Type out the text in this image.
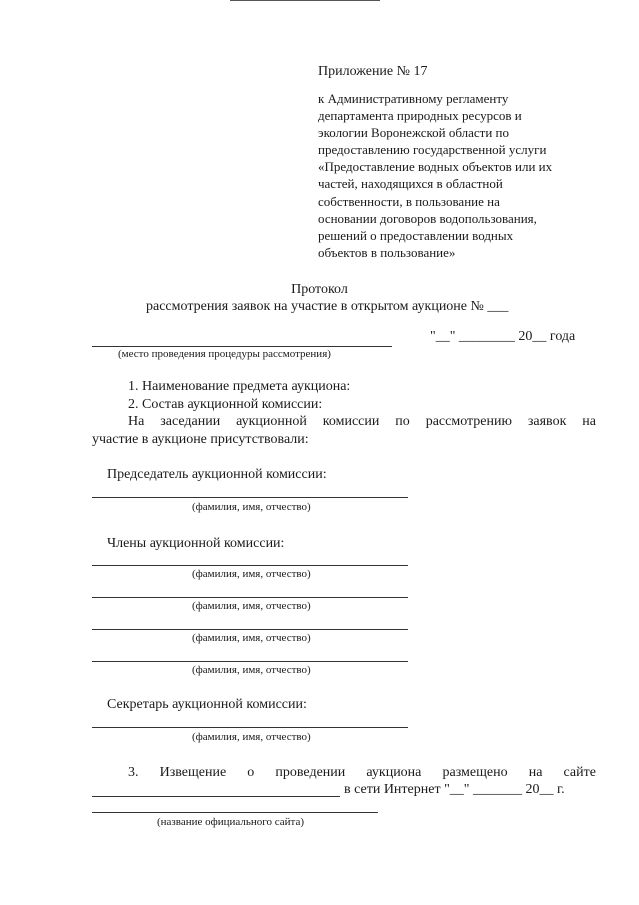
Приложение № 17
к Административному регламенту
департамента природных ресурсов и
экологии Воронежской области по
предоставлению государственной услуги
«Предоставление водных объектов или их
частей, находящихся в областной
собственности, в пользование на
основании договоров водопользования,
решений о предоставлении водных
объектов в пользование»
Протокол
рассмотрения заявок на участие в открытом аукционе № ___
"__" ________ 20__ года
(место проведения процедуры рассмотрения)
1. Наименование предмета аукциона:
2. Состав аукционной комиссии:
На заседании аукционной комиссии по рассмотрению заявок на
участие в аукционе присутствовали:
Председатель аукционной комиссии:
(фамилия, имя, отчество)
Члены аукционной комиссии:
(фамилия, имя, отчество)
(фамилия, имя, отчество)
(фамилия, имя, отчество)
(фамилия, имя, отчество)
Секретарь аукционной комиссии:
(фамилия, имя, отчество)
3. Извещение о проведении аукциона размещено на сайте
в сети Интернет "__" _______ 20__ г.
(название официального сайта)
